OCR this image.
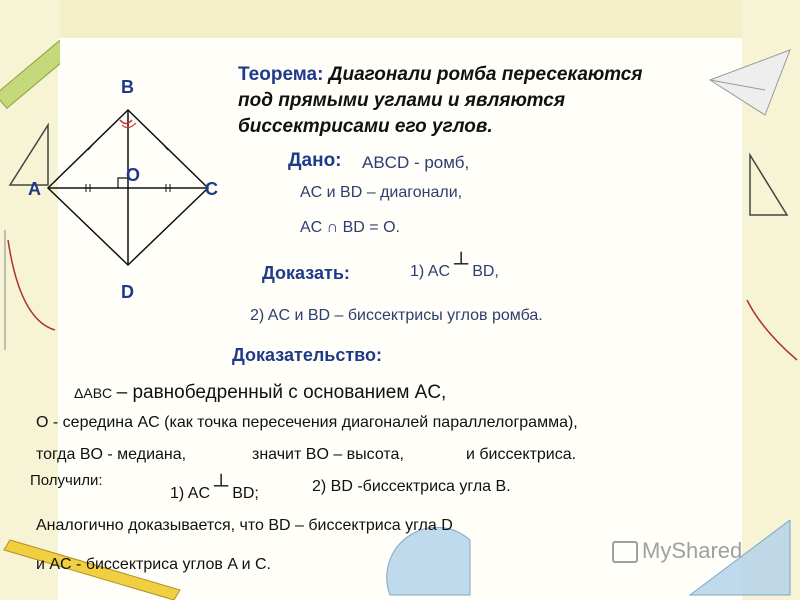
B
A	C
D
O
Теорема: Диагонали ромба пересекаются
под прямыми углами и являются
биссектрисами его углов.
Дано: ABCD - ромб,
AC и BD – диагонали,
AC ∩ BD = O.
Доказать:	1) AC ┴ BD,
2) AC и BD – биссектрисы углов ромба.
Доказательство:
ΔABC – равнобедренный с основанием AC,
О - середина AC (как точка пересечения диагоналей параллелограмма),
тогда BO - медиана,	значит BO – высота,	и биссектриса.
Получили:
1) AC ┴ BD;	2) BD -биссектриса угла В.
Аналогично доказывается, что BD – биссектриса угла D
и AC - биссектриса углов A и C.
MyShared
